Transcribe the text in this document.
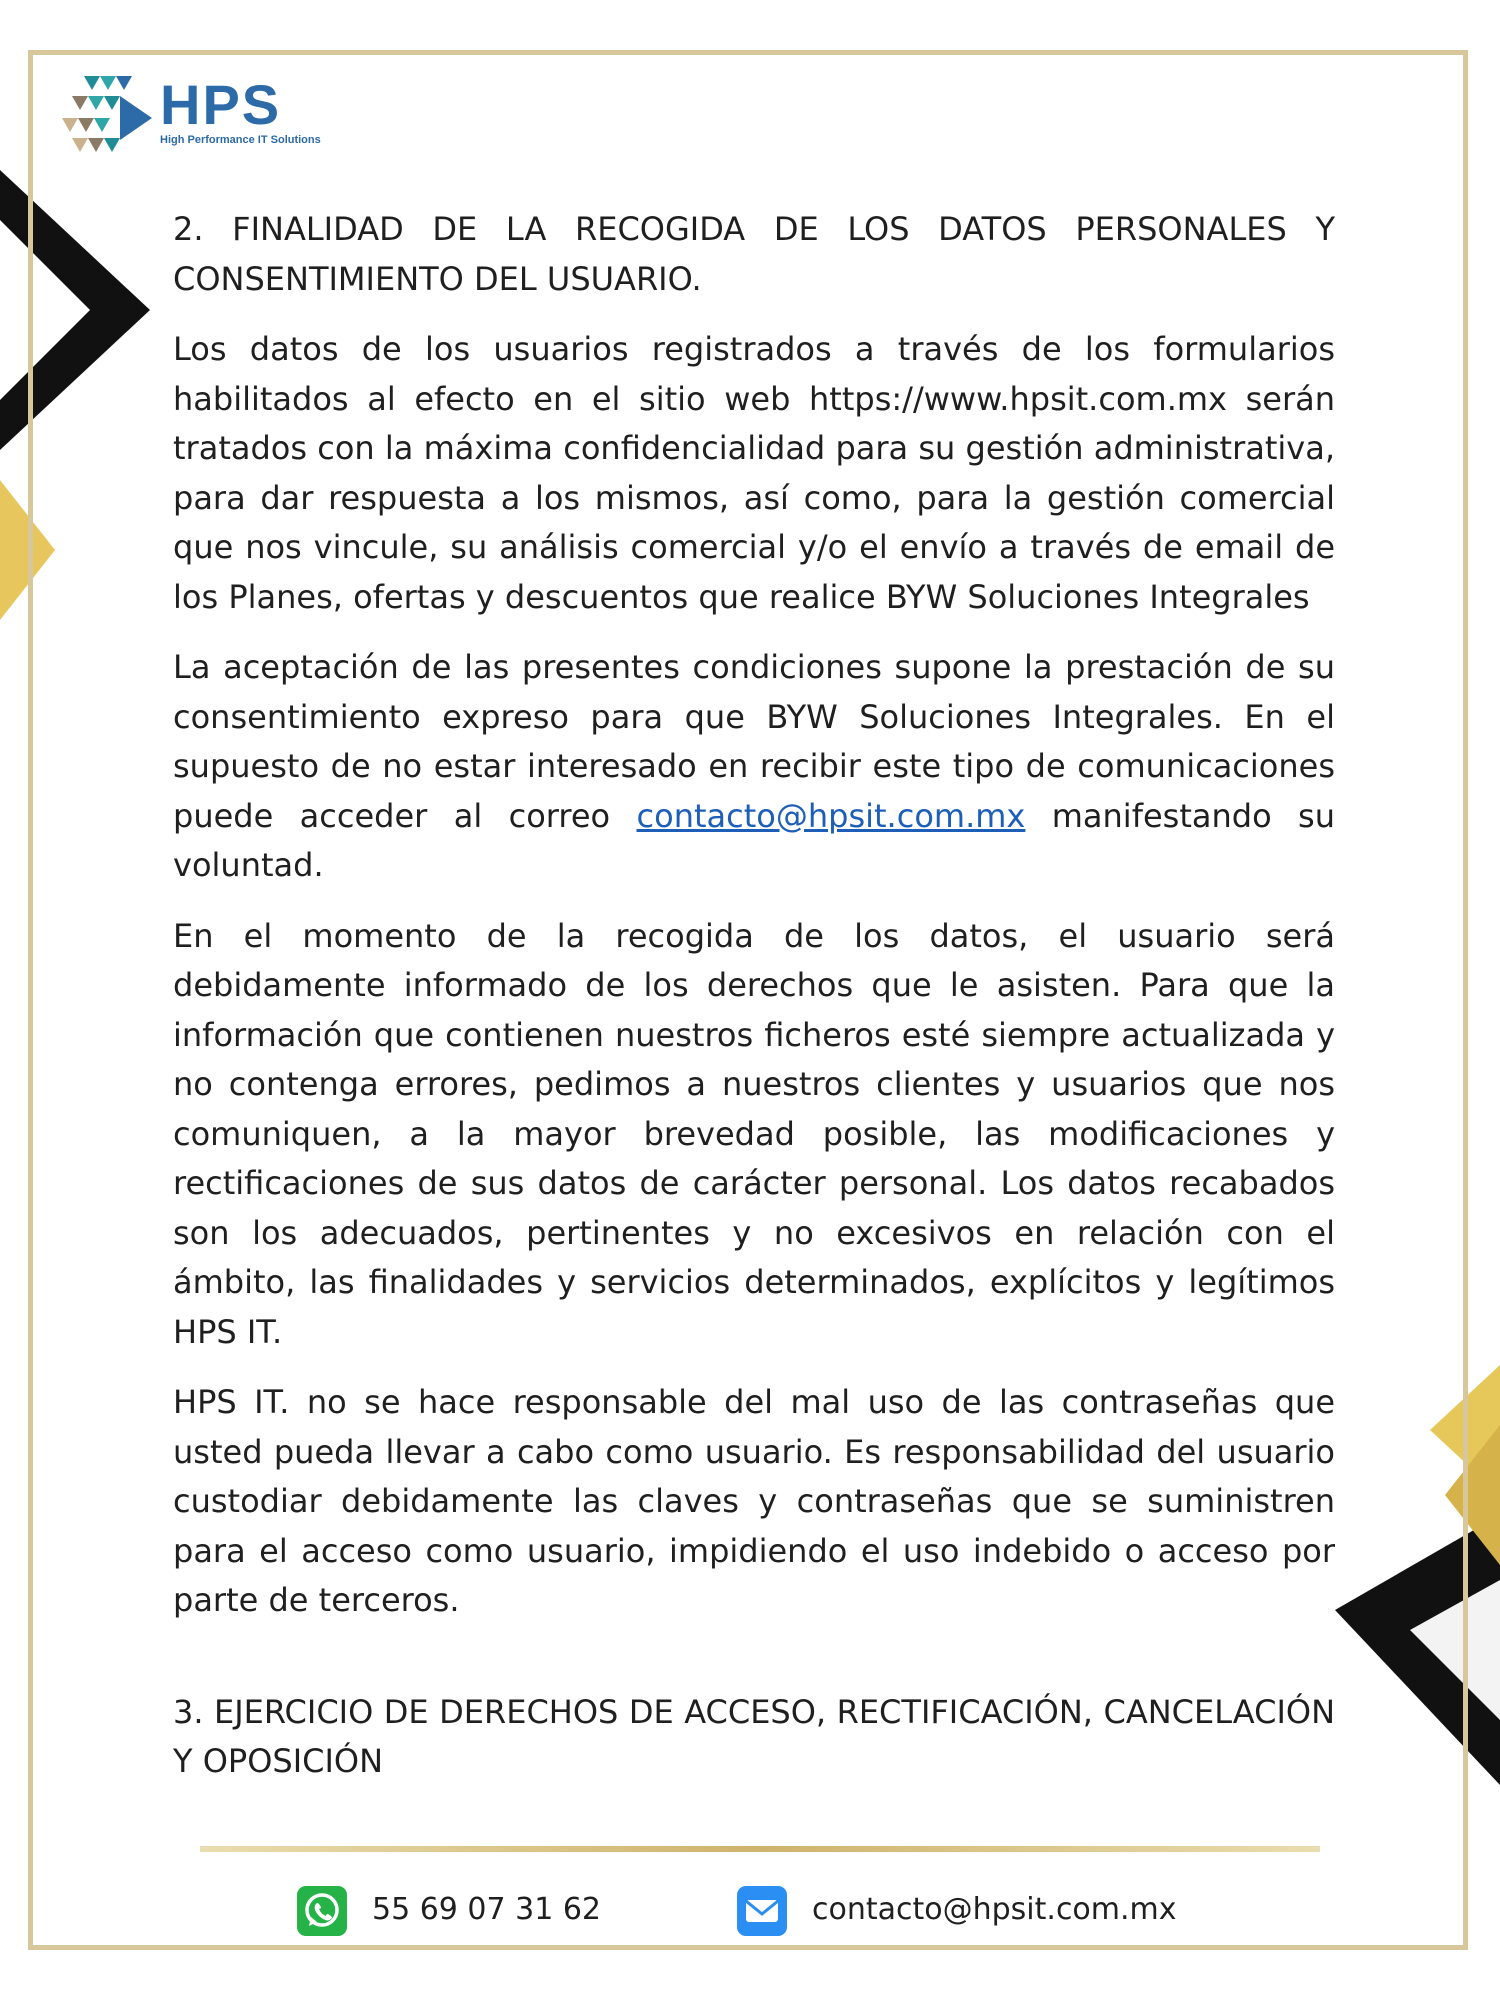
HPS
High Performance IT Solutions

2. FINALIDAD DE LA RECOGIDA DE LOS DATOS PERSONALES Y CONSENTIMIENTO DEL USUARIO.

Los datos de los usuarios registrados a través de los formularios habilitados al efecto en el sitio web https://www.hpsit.com.mx serán tratados con la máxima confidencialidad para su gestión administrativa, para dar respuesta a los mismos, así como, para la gestión comercial que nos vincule, su análisis comercial y/o el envío a través de email de los Planes, ofertas y descuentos que realice BYW Soluciones Integrales

La aceptación de las presentes condiciones supone la prestación de su consentimiento expreso para que BYW Soluciones Integrales. En el supuesto de no estar interesado en recibir este tipo de comunicaciones puede acceder al correo contacto@hpsit.com.mx manifestando su voluntad.

En el momento de la recogida de los datos, el usuario será debidamente informado de los derechos que le asisten. Para que la información que contienen nuestros ficheros esté siempre actualizada y no contenga errores, pedimos a nuestros clientes y usuarios que nos comuniquen, a la mayor brevedad posible, las modificaciones y rectificaciones de sus datos de carácter personal. Los datos recabados son los adecuados, pertinentes y no excesivos en relación con el ámbito, las finalidades y servicios determinados, explícitos y legítimos HPS IT.

HPS IT. no se hace responsable del mal uso de las contraseñas que usted pueda llevar a cabo como usuario. Es responsabilidad del usuario custodiar debidamente las claves y contraseñas que se suministren para el acceso como usuario, impidiendo el uso indebido o acceso por parte de terceros.

3. EJERCICIO DE DERECHOS DE ACCESO, RECTIFICACIÓN, CANCELACIÓN Y OPOSICIÓN

55 69 07 31 62	contacto@hpsit.com.mx
